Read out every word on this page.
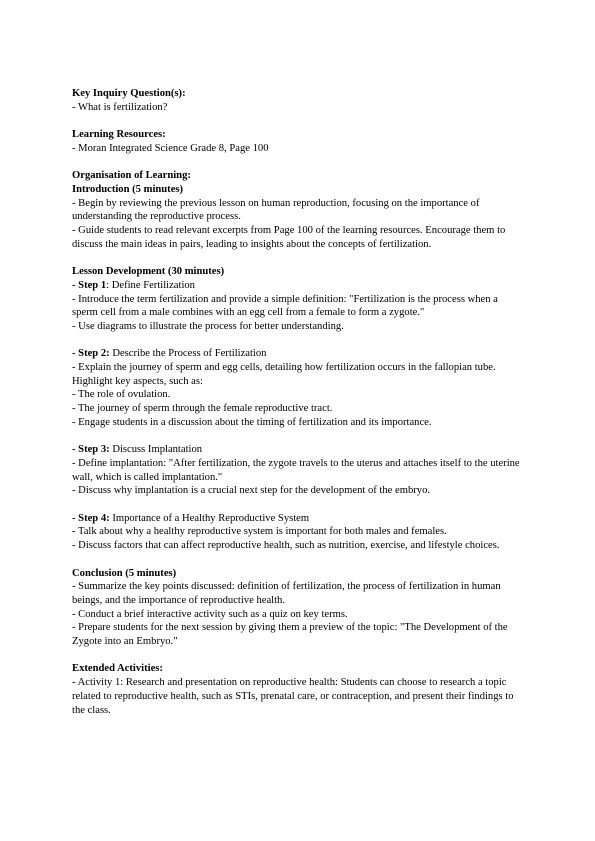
Key Inquiry Question(s):
- What is fertilization?
Learning Resources:
- Moran Integrated Science Grade 8, Page 100
Organisation of Learning:
Introduction (5 minutes)
- Begin by reviewing the previous lesson on human reproduction, focusing on the importance of understanding the reproductive process.
- Guide students to read relevant excerpts from Page 100 of the learning resources. Encourage them to discuss the main ideas in pairs, leading to insights about the concepts of fertilization.
Lesson Development (30 minutes)
- Step 1: Define Fertilization
- Introduce the term fertilization and provide a simple definition: "Fertilization is the process when a sperm cell from a male combines with an egg cell from a female to form a zygote."
- Use diagrams to illustrate the process for better understanding.
- Step 2: Describe the Process of Fertilization
- Explain the journey of sperm and egg cells, detailing how fertilization occurs in the fallopian tube. Highlight key aspects, such as:
- The role of ovulation.
- The journey of sperm through the female reproductive tract.
- Engage students in a discussion about the timing of fertilization and its importance.
- Step 3: Discuss Implantation
- Define implantation: "After fertilization, the zygote travels to the uterus and attaches itself to the uterine wall, which is called implantation."
- Discuss why implantation is a crucial next step for the development of the embryo.
- Step 4: Importance of a Healthy Reproductive System
- Talk about why a healthy reproductive system is important for both males and females.
- Discuss factors that can affect reproductive health, such as nutrition, exercise, and lifestyle choices.
Conclusion (5 minutes)
- Summarize the key points discussed: definition of fertilization, the process of fertilization in human beings, and the importance of reproductive health.
- Conduct a brief interactive activity such as a quiz on key terms.
- Prepare students for the next session by giving them a preview of the topic: "The Development of the Zygote into an Embryo."
Extended Activities:
- Activity 1: Research and presentation on reproductive health: Students can choose to research a topic related to reproductive health, such as STIs, prenatal care, or contraception, and present their findings to the class.
